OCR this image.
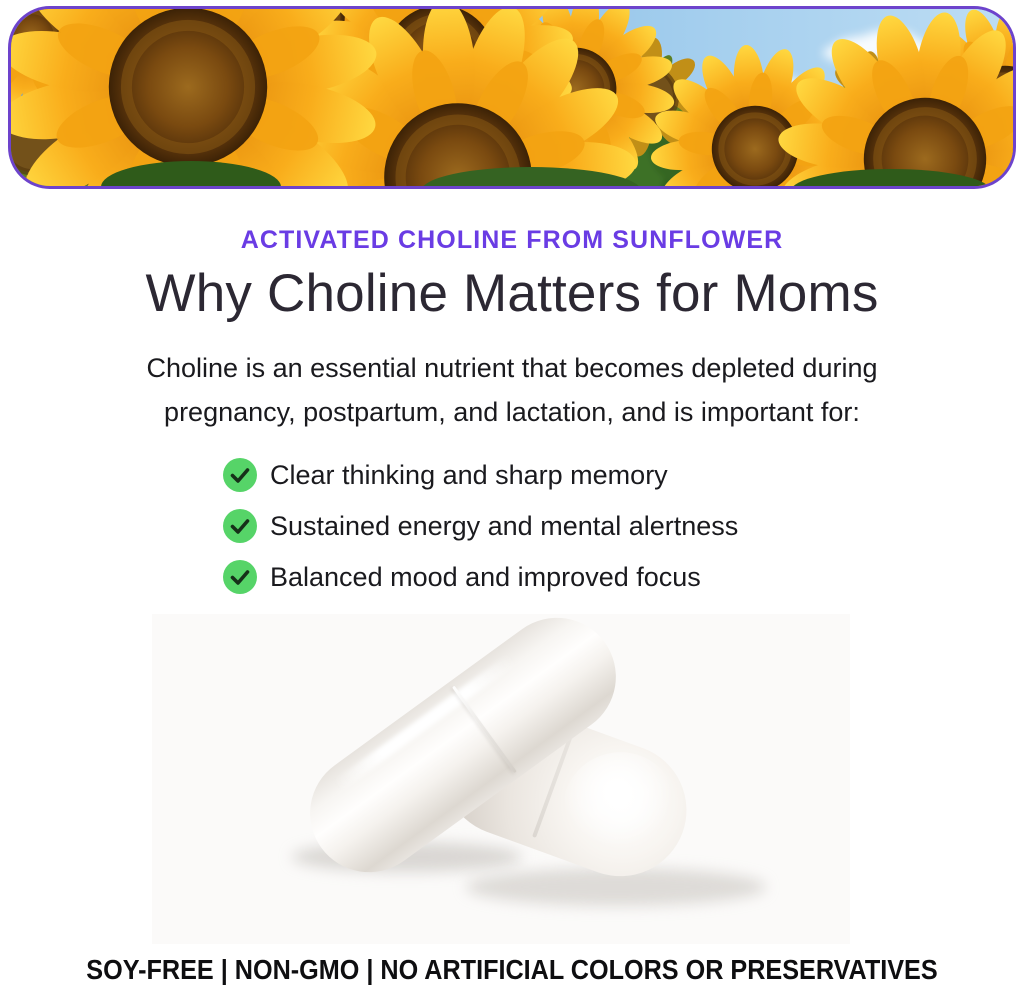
ACTIVATED CHOLINE FROM SUNFLOWER
Why Choline Matters for Moms

Choline is an essential nutrient that becomes depleted during
pregnancy, postpartum, and lactation, and is important for:

Clear thinking and sharp memory
Sustained energy and mental alertness
Balanced mood and improved focus
SOY-FREE | NON-GMO | NO ARTIFICIAL COLORS OR PRESERVATIVES
